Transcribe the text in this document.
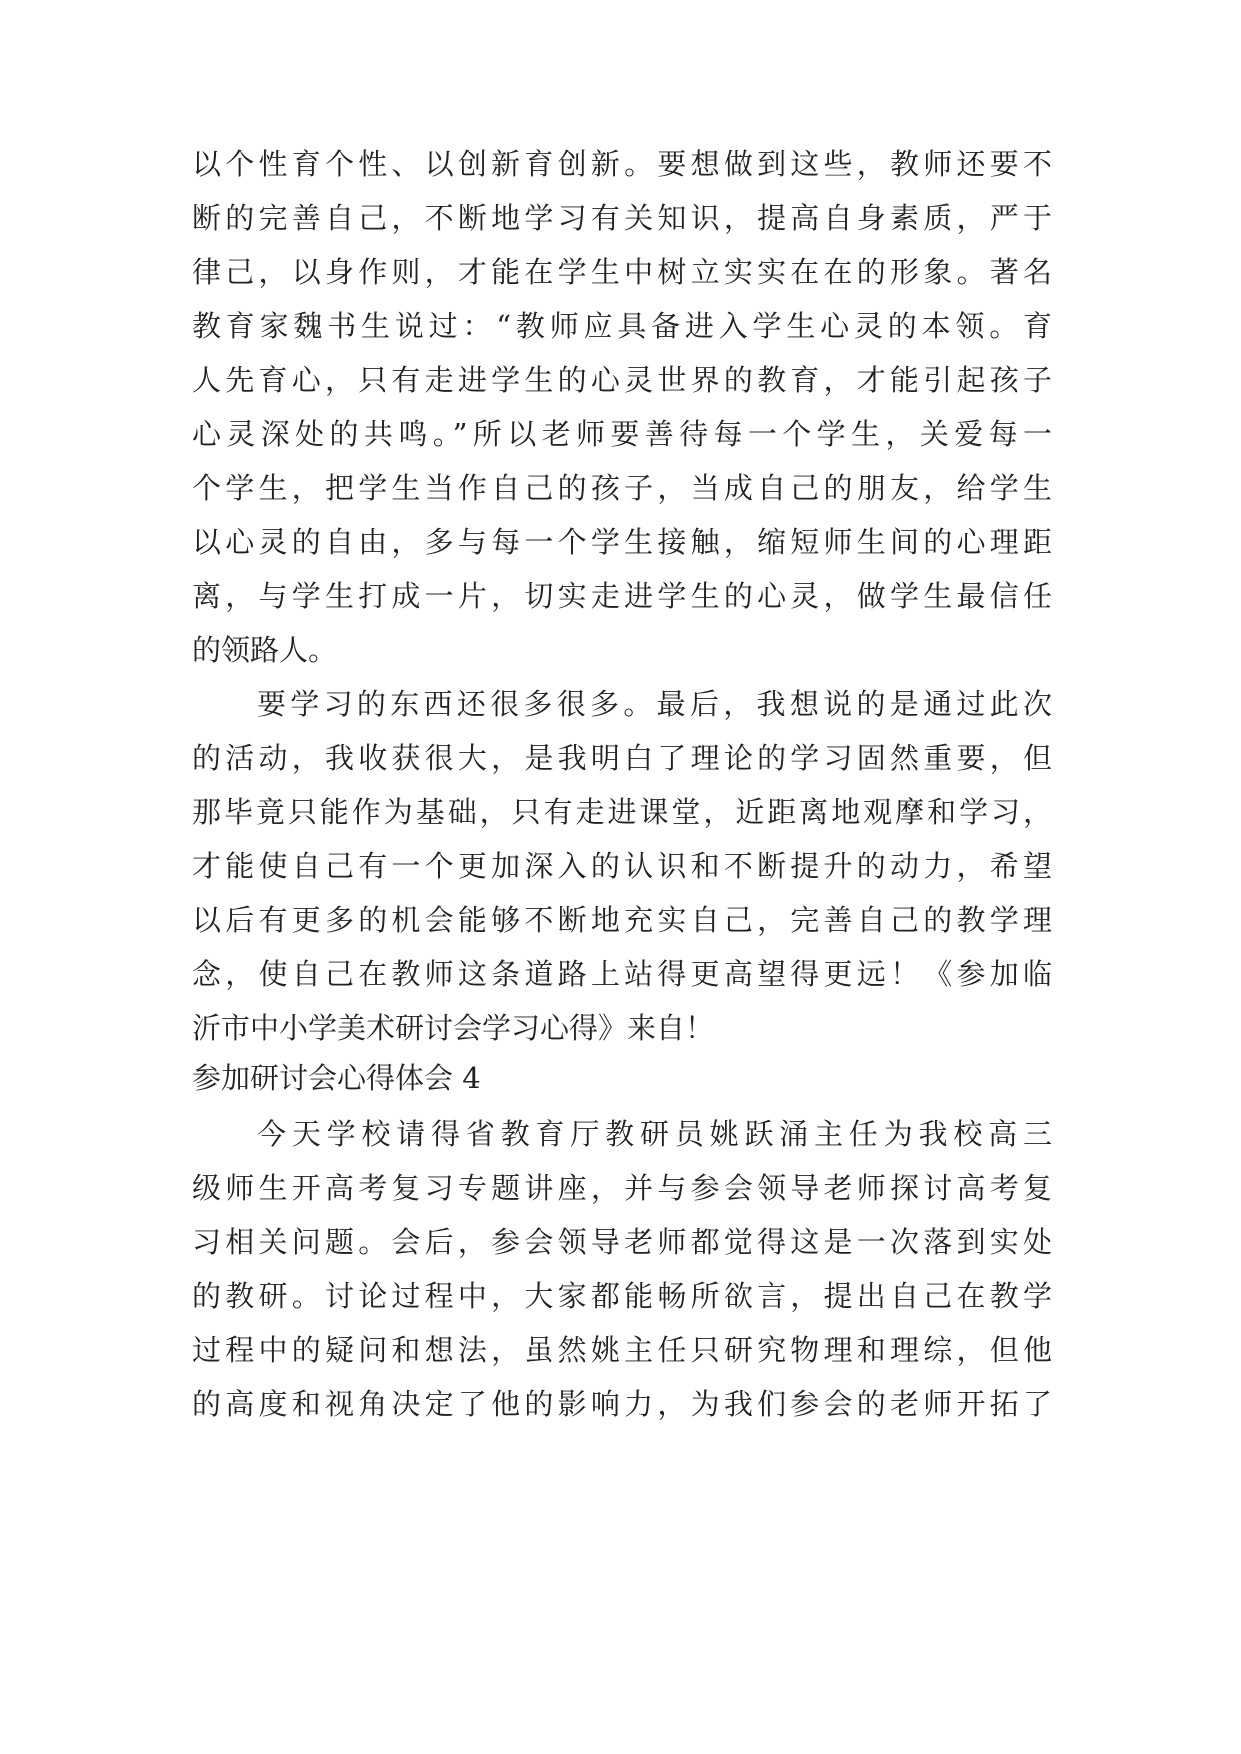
以个性育个性、以创新育创新。要想做到这些，教师还要不
断的完善自己，不断地学习有关知识，提高自身素质，严于
律己，以身作则，才能在学生中树立实实在在的形象。著名
教育家魏书生说过：“教师应具备进入学生心灵的本领。育
人先育心，只有走进学生的心灵世界的教育，才能引起孩子
心灵深处的共鸣。”所以老师要善待每一个学生，关爱每一
个学生，把学生当作自己的孩子，当成自己的朋友，给学生
以心灵的自由，多与每一个学生接触，缩短师生间的心理距
离，与学生打成一片，切实走进学生的心灵，做学生最信任
的领路人。
要学习的东西还很多很多。最后，我想说的是通过此次
的活动，我收获很大，是我明白了理论的学习固然重要，但
那毕竟只能作为基础，只有走进课堂，近距离地观摩和学习，
才能使自己有一个更加深入的认识和不断提升的动力，希望
以后有更多的机会能够不断地充实自己，完善自己的教学理
念，使自己在教师这条道路上站得更高望得更远！《参加临
沂市中小学美术研讨会学习心得》来自！
参加研讨会心得体会 4
今天学校请得省教育厅教研员姚跃涌主任为我校高三
级师生开高考复习专题讲座，并与参会领导老师探讨高考复
习相关问题。会后，参会领导老师都觉得这是一次落到实处
的教研。讨论过程中，大家都能畅所欲言，提出自己在教学
过程中的疑问和想法，虽然姚主任只研究物理和理综，但他
的高度和视角决定了他的影响力，为我们参会的老师开拓了
